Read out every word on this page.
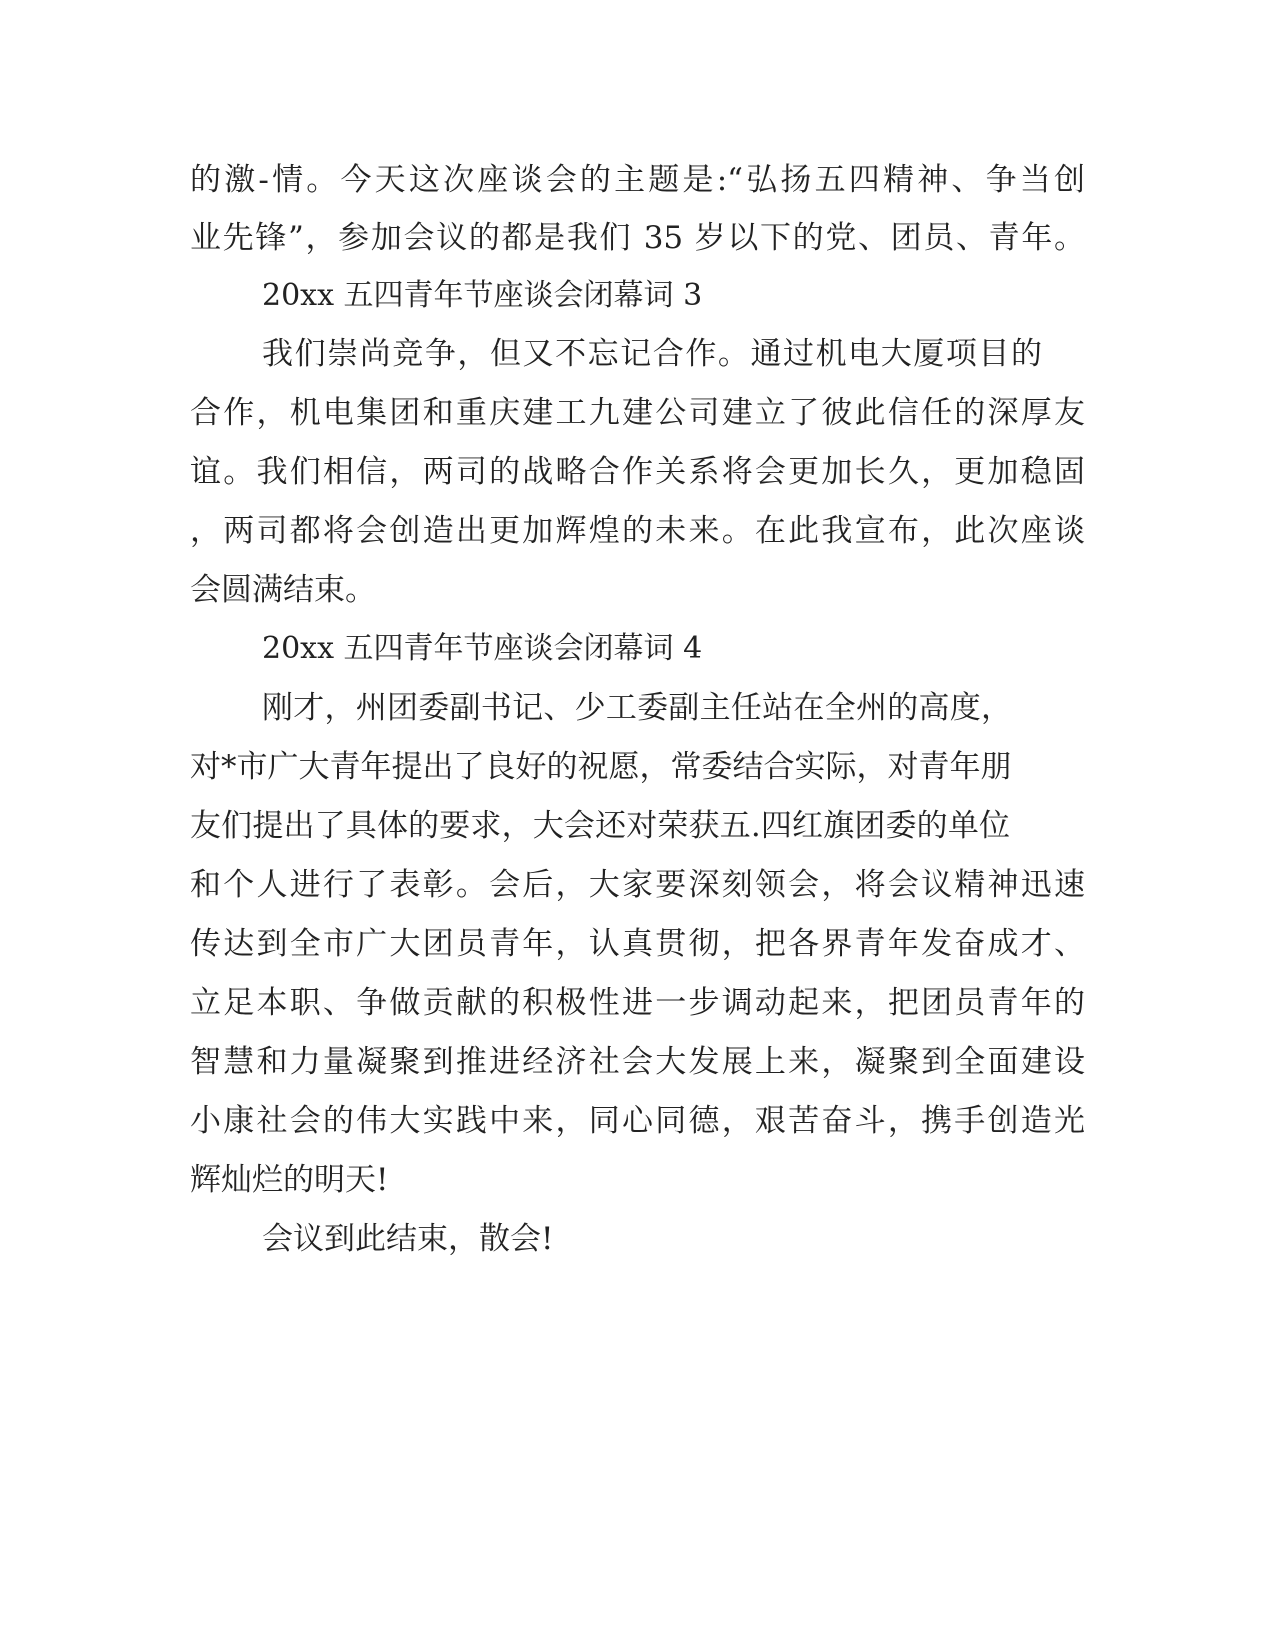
的激-情。今天这次座谈会的主题是:“弘扬五四精神、争当创
业先锋”，参加会议的都是我们 35 岁以下的党、团员、青年。
20xx 五四青年节座谈会闭幕词 3
我们崇尚竞争，但又不忘记合作。通过机电大厦项目的
合作，机电集团和重庆建工九建公司建立了彼此信任的深厚友
谊。我们相信，两司的战略合作关系将会更加长久，更加稳固
，两司都将会创造出更加辉煌的未来。在此我宣布，此次座谈
会圆满结束。
20xx 五四青年节座谈会闭幕词 4
刚才，州团委副书记、少工委副主任站在全州的高度，
对*市广大青年提出了良好的祝愿，常委结合实际，对青年朋
友们提出了具体的要求，大会还对荣获五.四红旗团委的单位
和个人进行了表彰。会后，大家要深刻领会，将会议精神迅速
传达到全市广大团员青年，认真贯彻，把各界青年发奋成才、
立足本职、争做贡献的积极性进一步调动起来，把团员青年的
智慧和力量凝聚到推进经济社会大发展上来，凝聚到全面建设
小康社会的伟大实践中来，同心同德，艰苦奋斗，携手创造光
辉灿烂的明天!
会议到此结束，散会!
